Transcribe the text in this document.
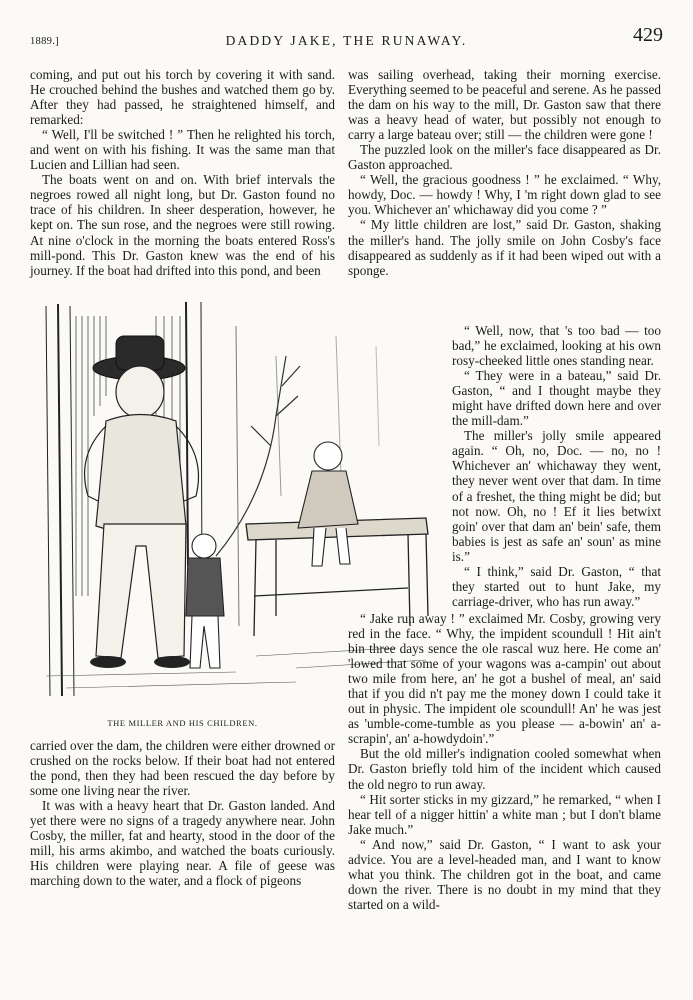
1889.]	DADDY JAKE, THE RUNAWAY.	429

coming, and put out his torch by covering it with sand. He crouched behind the bushes and watched them go by. After they had passed, he straightened himself, and remarked:

“ Well, I'll be switched ! ” Then he relighted his torch, and went on with his fishing. It was the same man that Lucien and Lillian had seen.

The boats went on and on. With brief intervals the negroes rowed all night long, but Dr. Gaston found no trace of his children. In sheer desperation, however, he kept on. The sun rose, and the negroes were still rowing. At nine o'clock in the morning the boats entered Ross's mill-pond. This Dr. Gaston knew was the end of his journey. If the boat had drifted into this pond, and been

THE MILLER AND HIS CHILDREN.

carried over the dam, the children were either drowned or crushed on the rocks below. If their boat had not entered the pond, then they had been rescued the day before by some one living near the river.

It was with a heavy heart that Dr. Gaston landed. And yet there were no signs of a tragedy anywhere near. John Cosby, the miller, fat and hearty, stood in the door of the mill, his arms akimbo, and watched the boats curiously. His children were playing near. A file of geese was marching down to the water, and a flock of pigeons

was sailing overhead, taking their morning exercise. Everything seemed to be peaceful and serene. As he passed the dam on his way to the mill, Dr. Gaston saw that there was a heavy head of water, but possibly not enough to carry a large bateau over; still — the children were gone !

The puzzled look on the miller's face disappeared as Dr. Gaston approached.

“ Well, the gracious goodness ! ” he exclaimed. “ Why, howdy, Doc. — howdy ! Why, I 'm right down glad to see you. Whichever an' whichaway did you come ? ”

“ My little children are lost,” said Dr. Gaston, shaking the miller's hand. The jolly smile on John Cosby's face disappeared as suddenly as if it had been wiped out with a sponge.

“ Well, now, that 's too bad — too bad,” he exclaimed, looking at his own rosy-cheeked little ones standing near.

“ They were in a bateau,” said Dr. Gaston, “ and I thought maybe they might have drifted down here and over the mill-dam.”

The miller's jolly smile appeared again. “ Oh, no, Doc. — no, no ! Whichever an' whichaway they went, they never went over that dam. In time of a freshet, the thing might be did; but not now. Oh, no ! Ef it lies betwixt goin' over that dam an' bein' safe, them babies is jest as safe an' soun' as mine is.”

“ I think,” said Dr. Gaston, “ that they started out to hunt Jake, my carriage-driver, who has run away.”

“ Jake run away ! ” exclaimed Mr. Cosby, growing very red in the face. “ Why, the impident scoundull ! Hit ain't bin three days sence the ole rascal wuz here. He come an' 'lowed that some of your wagons was a-campin' out about two mile from here, an' he got a bushel of meal, an' said that if you did n't pay me the money down I could take it out in physic. The impident ole scoundull! An' he was jest as 'umble-come-tumble as you please — a-bowin' an' a-scrapin', an' a-howdydoin'.”

But the old miller's indignation cooled somewhat when Dr. Gaston briefly told him of the incident which caused the old negro to run away.

“ Hit sorter sticks in my gizzard,” he remarked, “ when I hear tell of a nigger hittin' a white man ; but I don't blame Jake much.”

“ And now,” said Dr. Gaston, “ I want to ask your advice. You are a level-headed man, and I want to know what you think. The children got in the boat, and came down the river. There is no doubt in my mind that they started on a wild-
